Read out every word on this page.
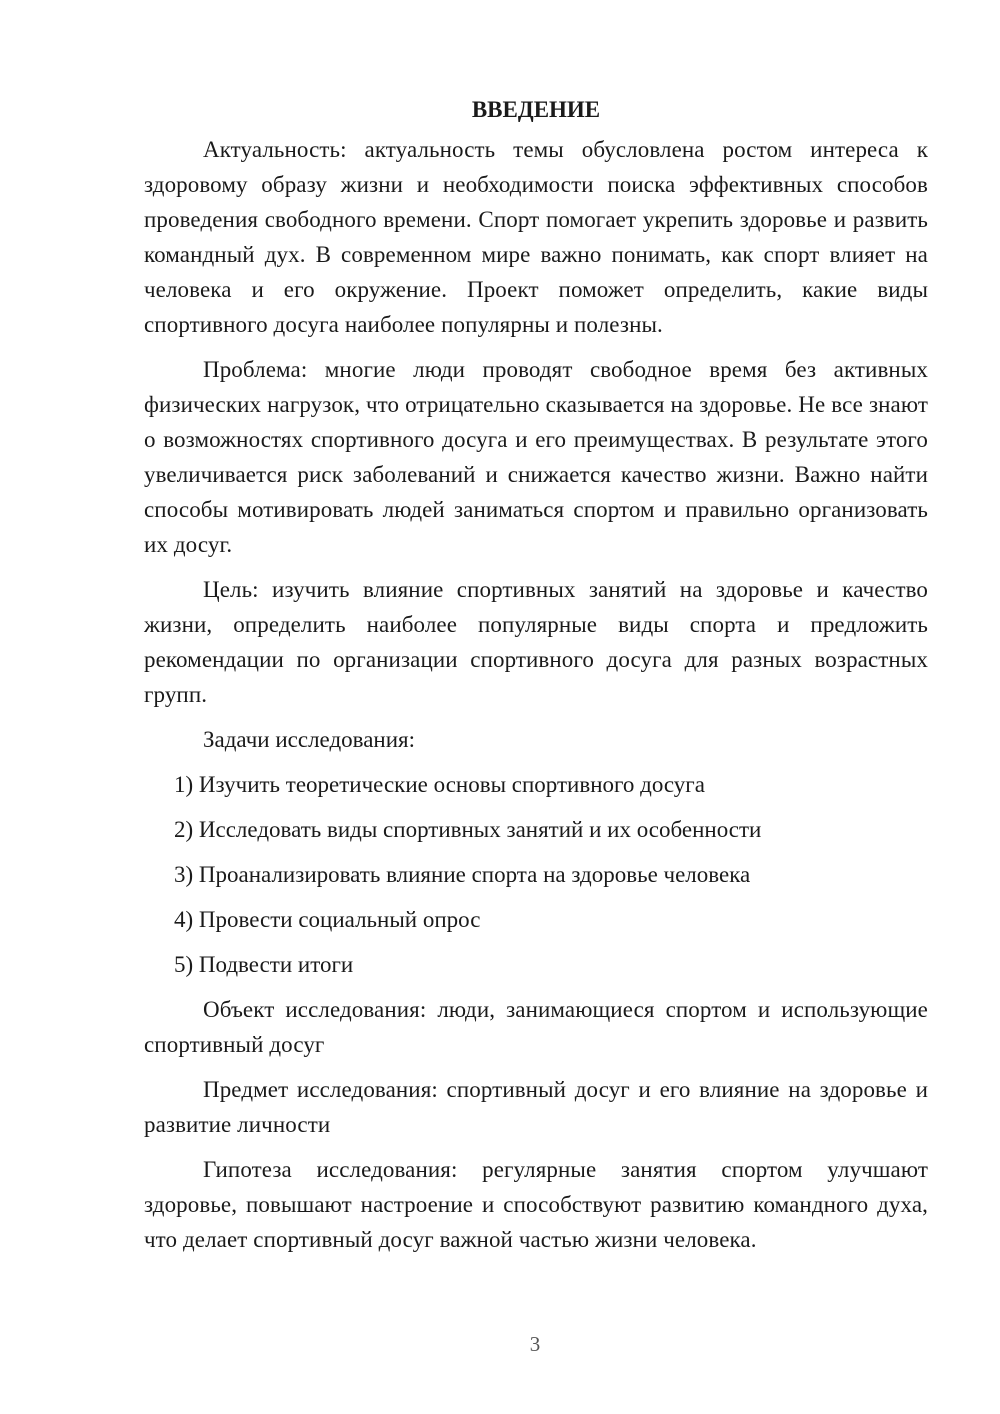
ВВЕДЕНИЕ

Актуальность: актуальность темы обусловлена ростом интереса к здоровому образу жизни и необходимости поиска эффективных способов проведения свободного времени. Спорт помогает укрепить здоровье и развить командный дух. В современном мире важно понимать, как спорт влияет на человека и его окружение. Проект поможет определить, какие виды спортивного досуга наиболее популярны и полезны.

Проблема: многие люди проводят свободное время без активных физических нагрузок, что отрицательно сказывается на здоровье. Не все знают о возможностях спортивного досуга и его преимуществах. В результате этого увеличивается риск заболеваний и снижается качество жизни. Важно найти способы мотивировать людей заниматься спортом и правильно организовать их досуг.

Цель: изучить влияние спортивных занятий на здоровье и качество жизни, определить наиболее популярные виды спорта и предложить рекомендации по организации спортивного досуга для разных возрастных групп.

Задачи исследования:

1) Изучить теоретические основы спортивного досуга

2) Исследовать виды спортивных занятий и их особенности

3) Проанализировать влияние спорта на здоровье человека

4) Провести социальный опрос

5) Подвести итоги

Объект исследования: люди, занимающиеся спортом и использующие спортивный досуг

Предмет исследования: спортивный досуг и его влияние на здоровье и развитие личности

Гипотеза исследования: регулярные занятия спортом улучшают здоровье, повышают настроение и способствуют развитию командного духа, что делает спортивный досуг важной частью жизни человека.

3
